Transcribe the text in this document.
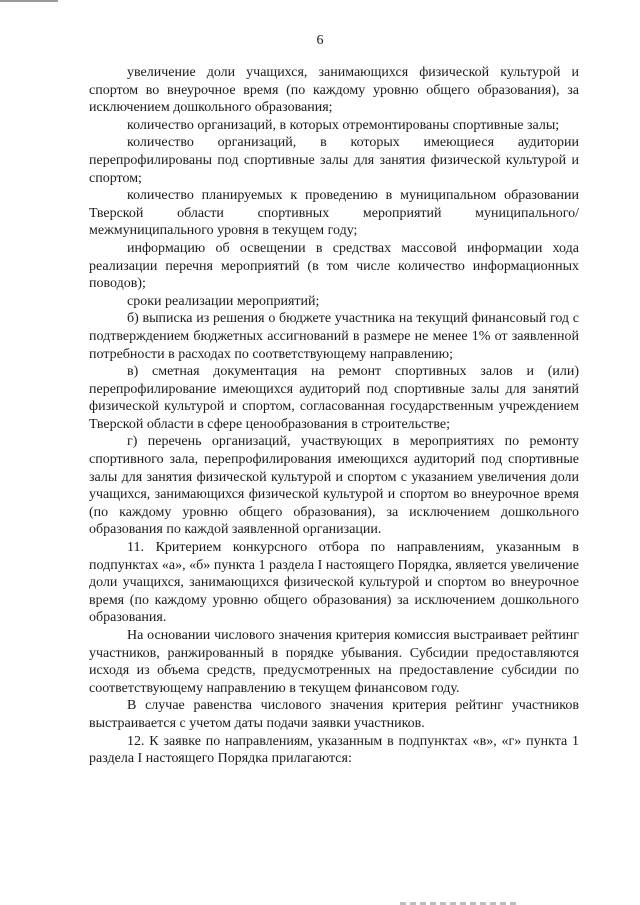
6

увеличение доли учащихся, занимающихся физической культурой и спортом во внеурочное время (по каждому уровню общего образования), за исключением дошкольного образования;

количество организаций, в которых отремонтированы спортивные залы;

количество организаций, в которых имеющиеся аудитории перепрофилированы под спортивные залы для занятия физической культурой и спортом;

количество планируемых к проведению в муниципальном образовании Тверской области спортивных мероприятий муниципального/межмуниципального уровня в текущем году;

информацию об освещении в средствах массовой информации хода реализации перечня мероприятий (в том числе количество информационных поводов);

сроки реализации мероприятий;

б) выписка из решения о бюджете участника на текущий финансовый год с подтверждением бюджетных ассигнований в размере не менее 1% от заявленной потребности в расходах по соответствующему направлению;

в) сметная документация на ремонт спортивных залов и (или) перепрофилирование имеющихся аудиторий под спортивные залы для занятий физической культурой и спортом, согласованная государственным учреждением Тверской области в сфере ценообразования в строительстве;

г) перечень организаций, участвующих в мероприятиях по ремонту спортивного зала, перепрофилирования имеющихся аудиторий под спортивные залы для занятия физической культурой и спортом с указанием увеличения доли учащихся, занимающихся физической культурой и спортом во внеурочное время (по каждому уровню общего образования), за исключением дошкольного образования по каждой заявленной организации.

11. Критерием конкурсного отбора по направлениям, указанным в подпунктах «а», «б» пункта 1 раздела I настоящего Порядка, является увеличение доли учащихся, занимающихся физической культурой и спортом во внеурочное время (по каждому уровню общего образования) за исключением дошкольного образования.

На основании числового значения критерия комиссия выстраивает рейтинг участников, ранжированный в порядке убывания. Субсидии предоставляются исходя из объема средств, предусмотренных на предоставление субсидии по соответствующему направлению в текущем финансовом году.

В случае равенства числового значения критерия рейтинг участников выстраивается с учетом даты подачи заявки участников.

12. К заявке по направлениям, указанным в подпунктах «в», «г» пункта 1 раздела I настоящего Порядка прилагаются:
